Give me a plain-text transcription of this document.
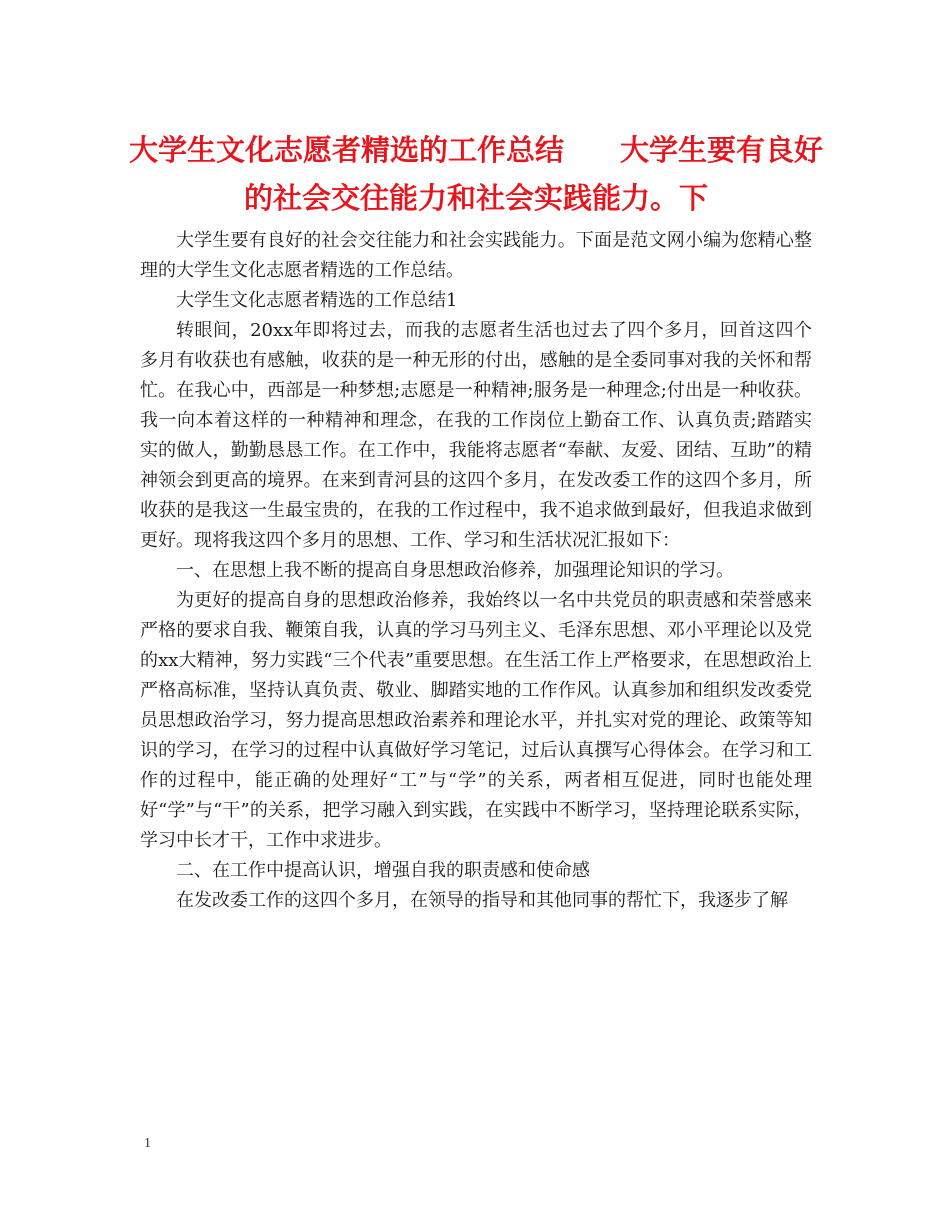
大学生文化志愿者精选的工作总结 大学生要有良好的社会交往能力和社会实践能力。下

大学生要有良好的社会交往能力和社会实践能力。下面是范文网小编为您精心整理的大学生文化志愿者精选的工作总结。

大学生文化志愿者精选的工作总结1

转眼间，20xx年即将过去，而我的志愿者生活也过去了四个多月，回首这四个多月有收获也有感触，收获的是一种无形的付出，感触的是全委同事对我的关怀和帮忙。在我心中，西部是一种梦想;志愿是一种精神;服务是一种理念;付出是一种收获。我一向本着这样的一种精神和理念，在我的工作岗位上勤奋工作、认真负责;踏踏实实的做人，勤勤恳恳工作。在工作中，我能将志愿者“奉献、友爱、团结、互助”的精神领会到更高的境界。在来到青河县的这四个多月，在发改委工作的这四个多月，所收获的是我这一生最宝贵的，在我的工作过程中，我不追求做到最好，但我追求做到更好。现将我这四个多月的思想、工作、学习和生活状况汇报如下：

一、在思想上我不断的提高自身思想政治修养，加强理论知识的学习。

为更好的提高自身的思想政治修养，我始终以一名中共党员的职责感和荣誉感来严格的要求自我、鞭策自我，认真的学习马列主义、毛泽东思想、邓小平理论以及党的xx大精神，努力实践“三个代表”重要思想。在生活工作上严格要求，在思想政治上严格高标准，坚持认真负责、敬业、脚踏实地的工作作风。认真参加和组织发改委党员思想政治学习，努力提高思想政治素养和理论水平，并扎实对党的理论、政策等知识的学习，在学习的过程中认真做好学习笔记，过后认真撰写心得体会。在学习和工作的过程中，能正确的处理好“工”与“学”的关系，两者相互促进，同时也能处理好“学”与“干”的关系，把学习融入到实践，在实践中不断学习，坚持理论联系实际，学习中长才干，工作中求进步。

二、在工作中提高认识，增强自我的职责感和使命感

在发改委工作的这四个多月，在领导的指导和其他同事的帮忙下，我逐步了解

1
